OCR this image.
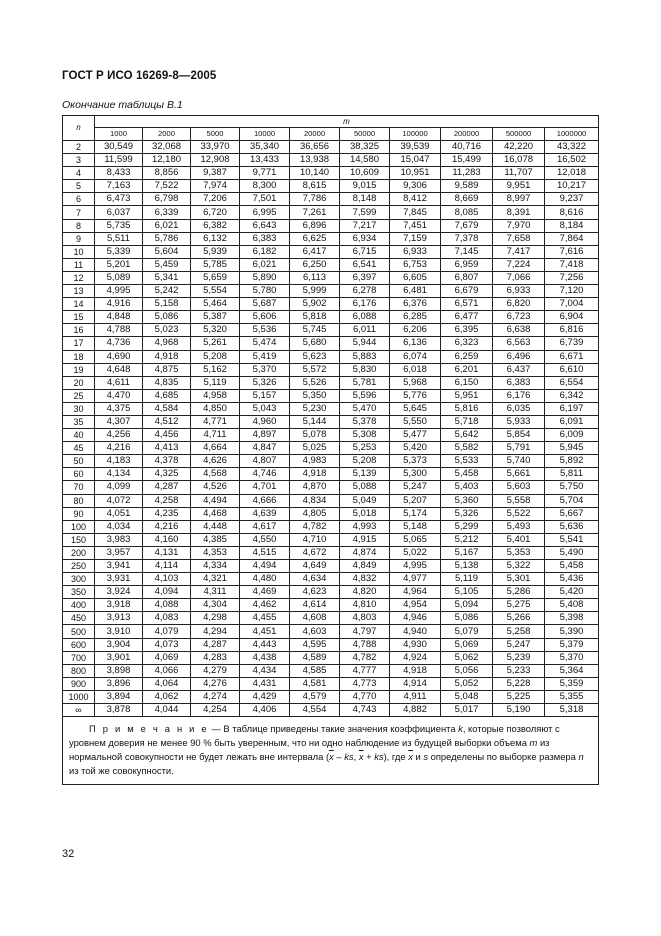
ГОСТ Р ИСО 16269-8—2005
Окончание таблицы В.1
n	m									
	1000	2000	5000	10000	20000	50000	100000	200000	500000	1000000
2	30,549	32,068	33,970	35,340	36,656	38,325	39,539	40,716	42,220	43,322
3	11,599	12,180	12,908	13,433	13,938	14,580	15,047	15,499	16,078	16,502
4	8,433	8,856	9,387	9,771	10,140	10,609	10,951	11,283	11,707	12,018
5	7,163	7,522	7,974	8,300	8,615	9,015	9,306	9,589	9,951	10,217
6	6,473	6,798	7,206	7,501	7,786	8,148	8,412	8,669	8,997	9,237
7	6,037	6,339	6,720	6,995	7,261	7,599	7,845	8,085	8,391	8,616
8	5,735	6,021	6,382	6,643	6,896	7,217	7,451	7,679	7,970	8,184
9	5,511	5,786	6,132	6,383	6,625	6,934	7,159	7,378	7,658	7,864
10	5,339	5,604	5,939	6,182	6,417	6,715	6,933	7,145	7,417	7,616
11	5,201	5,459	5,785	6,021	6,250	6,541	6,753	6,959	7,224	7,418
12	5,089	5,341	5,659	5,890	6,113	6,397	6,605	6,807	7,066	7,256
13	4,995	5,242	5,554	5,780	5,999	6,278	6,481	6,679	6,933	7,120
14	4,916	5,158	5,464	5,687	5,902	6,176	6,376	6,571	6,820	7,004
15	4,848	5,086	5,387	5,606	5,818	6,088	6,285	6,477	6,723	6,904
16	4,788	5,023	5,320	5,536	5,745	6,011	6,206	6,395	6,638	6,816
17	4,736	4,968	5,261	5,474	5,680	5,944	6,136	6,323	6,563	6,739
18	4,690	4,918	5,208	5,419	5,623	5,883	6,074	6,259	6,496	6,671
19	4,648	4,875	5,162	5,370	5,572	5,830	6,018	6,201	6,437	6,610
20	4,611	4,835	5,119	5,326	5,526	5,781	5,968	6,150	6,383	6,554
25	4,470	4,685	4,958	5,157	5,350	5,596	5,776	5,951	6,176	6,342
30	4,375	4,584	4,850	5,043	5,230	5,470	5,645	5,816	6,035	6,197
35	4,307	4,512	4,771	4,960	5,144	5,378	5,550	5,718	5,933	6,091
40	4,256	4,456	4,711	4,897	5,078	5,308	5,477	5,642	5,854	6,009
45	4,216	4,413	4,664	4,847	5,025	5,253	5,420	5,582	5,791	5,945
50	4,183	4,378	4,626	4,807	4,983	5,208	5,373	5,533	5,740	5,892
60	4,134	4,325	4,568	4,746	4,918	5,139	5,300	5,458	5,661	5,811
70	4,099	4,287	4,526	4,701	4,870	5,088	5,247	5,403	5,603	5,750
80	4,072	4,258	4,494	4,666	4,834	5,049	5,207	5,360	5,558	5,704
90	4,051	4,235	4,468	4,639	4,805	5,018	5,174	5,326	5,522	5,667
100	4,034	4,216	4,448	4,617	4,782	4,993	5,148	5,299	5,493	5,636
150	3,983	4,160	4,385	4,550	4,710	4,915	5,065	5,212	5,401	5,541
200	3,957	4,131	4,353	4,515	4,672	4,874	5,022	5,167	5,353	5,490
250	3,941	4,114	4,334	4,494	4,649	4,849	4,995	5,138	5,322	5,458
300	3,931	4,103	4,321	4,480	4,634	4,832	4,977	5,119	5,301	5,436
350	3,924	4,094	4,311	4,469	4,623	4,820	4,964	5,105	5,286	5,420
400	3,918	4,088	4,304	4,462	4,614	4,810	4,954	5,094	5,275	5,408
450	3,913	4,083	4,298	4,455	4,608	4,803	4,946	5,086	5,266	5,398
500	3,910	4,079	4,294	4,451	4,603	4,797	4,940	5,079	5,258	5,390
600	3,904	4,073	4,287	4,443	4,595	4,788	4,930	5,069	5,247	5,379
700	3,901	4,069	4,283	4,438	4,589	4,782	4,924	5,062	5,239	5,370
800	3,898	4,066	4,279	4,434	4,585	4,777	4,918	5,056	5,233	5,364
900	3,896	4,064	4,276	4,431	4,581	4,773	4,914	5,052	5,228	5,359
1000	3,894	4,062	4,274	4,429	4,579	4,770	4,911	5,048	5,225	5,355
∞	3,878	4,044	4,254	4,406	4,554	4,743	4,882	5,017	5,190	5,318
П р и м е ч а н и е — В таблице приведены такие значения коэффициента k, которые позволяют с уровнем доверия не менее 90 % быть уверенным, что ни одно наблюдение из будущей выборки объема m из нормальной совокупности не будет лежать вне интервала ($\overline{x}$ – ks, $\overline{x} + ks$), где $\overline{x}$ и s определены по выборке размера n из той же совокупности.										
32
